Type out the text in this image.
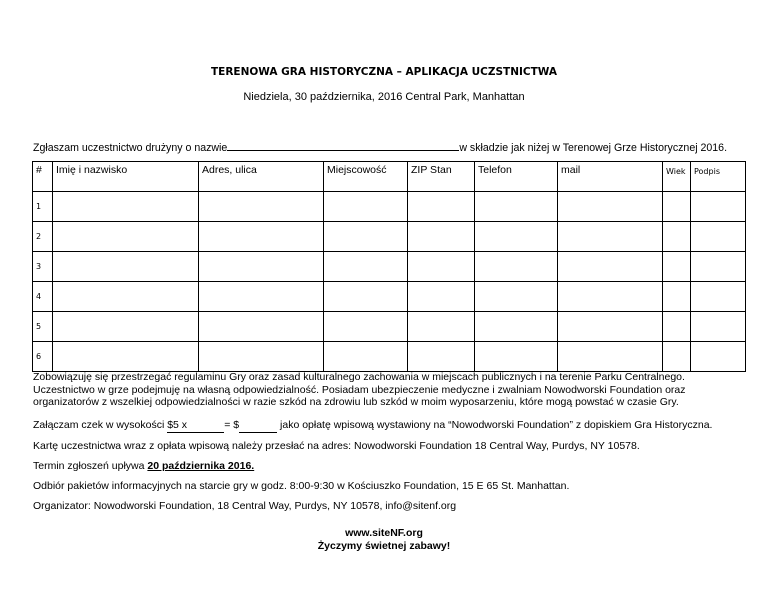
TERENOWA GRA HISTORYCZNA – APLIKACJA UCZSTNICTWA
Niedziela, 30 października, 2016 Central Park, Manhattan
Zgłaszam uczestnictwo drużyny o nazwie	w składzie jak niżej w Terenowej Grze Historycznej 2016.
#	Imię i nazwisko	Adres, ulica	Miejscowość	ZIP Stan	Telefon	mail	Wiek	Podpis
1								
2								
3								
4								
5								
6								
Zobowiązuję się przestrzegać regulaminu Gry oraz zasad kulturalnego zachowania w miejscach publicznych i na terenie Parku Centralnego.
Uczestnictwo w grze podejmuję na własną odpowiedzialność. Posiadam ubezpieczenie medyczne i zwalniam Nowodworski Foundation oraz
organizatorów z wszelkiej odpowiedzialności w razie szkód na zdrowiu lub szkód w moim wyposarzeniu, które mogą powstać w czasie Gry.
Załączam czek w wysokości $5 x	= $	jako opłatę wpisową wystawiony na “Nowodworski Foundation” z dopiskiem Gra Historyczna.
Kartę uczestnictwa wraz z opłata wpisową należy przesłać na adres: Nowodworski Foundation 18 Central Way, Purdys, NY 10578.
Termin zgłoszeń upływa 20 października 2016.
Odbiór pakietów informacyjnych na starcie gry w godz. 8:00-9:30 w Kościuszko Foundation, 15 E 65 St. Manhattan.
Organizator: Nowodworski Foundation, 18 Central Way, Purdys, NY 10578, info@sitenf.org
www.siteNF.org
Życzymy świetnej zabawy!
